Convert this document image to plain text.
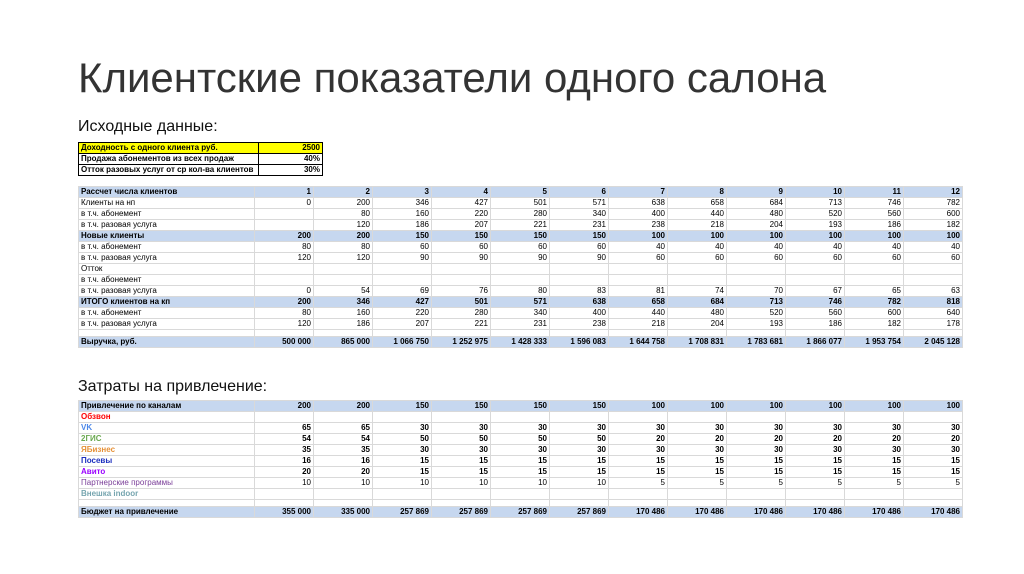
Клиентские показатели одного салона
Исходные данные:
Доходность с одного клиента руб.	2500
Продажа абонементов из всех продаж	40%
Отток разовых услуг от ср кол-ва клиентов	30%
Рассчет числа клиентов	1	2	3	4	5	6	7	8	9	10	11	12
Клиенты на нп	0	200	346	427	501	571	638	658	684	713	746	782
в т.ч. абонемент		80	160	220	280	340	400	440	480	520	560	600
в т.ч. разовая услуга		120	186	207	221	231	238	218	204	193	186	182
Новые клиенты	200	200	150	150	150	150	100	100	100	100	100	100
в т.ч. абонемент	80	80	60	60	60	60	40	40	40	40	40	40
в т.ч. разовая услуга	120	120	90	90	90	90	60	60	60	60	60	60
Отток												
в т.ч. абонемент												
в т.ч. разовая услуга	0	54	69	76	80	83	81	74	70	67	65	63
ИТОГО клиентов на кп	200	346	427	501	571	638	658	684	713	746	782	818
в т.ч. абонемент	80	160	220	280	340	400	440	480	520	560	600	640
в т.ч. разовая услуга	120	186	207	221	231	238	218	204	193	186	182	178

Выручка, руб.	500 000	865 000	1 066 750	1 252 975	1 428 333	1 596 083	1 644 758	1 708 831	1 783 681	1 866 077	1 953 754	2 045 128
Затраты на привлечение:
Привлечение по каналам	200	200	150	150	150	150	100	100	100	100	100	100
Обзвон												
VK	65	65	30	30	30	30	30	30	30	30	30	30
2ГИС	54	54	50	50	50	50	20	20	20	20	20	20
ЯБизнес	35	35	30	30	30	30	30	30	30	30	30	30
Посевы	16	16	15	15	15	15	15	15	15	15	15	15
Авито	20	20	15	15	15	15	15	15	15	15	15	15
Партнерские программы	10	10	10	10	10	10	5	5	5	5	5	5
Внешка indoor												

Бюджет на привлечение	355 000	335 000	257 869	257 869	257 869	257 869	170 486	170 486	170 486	170 486	170 486	170 486
